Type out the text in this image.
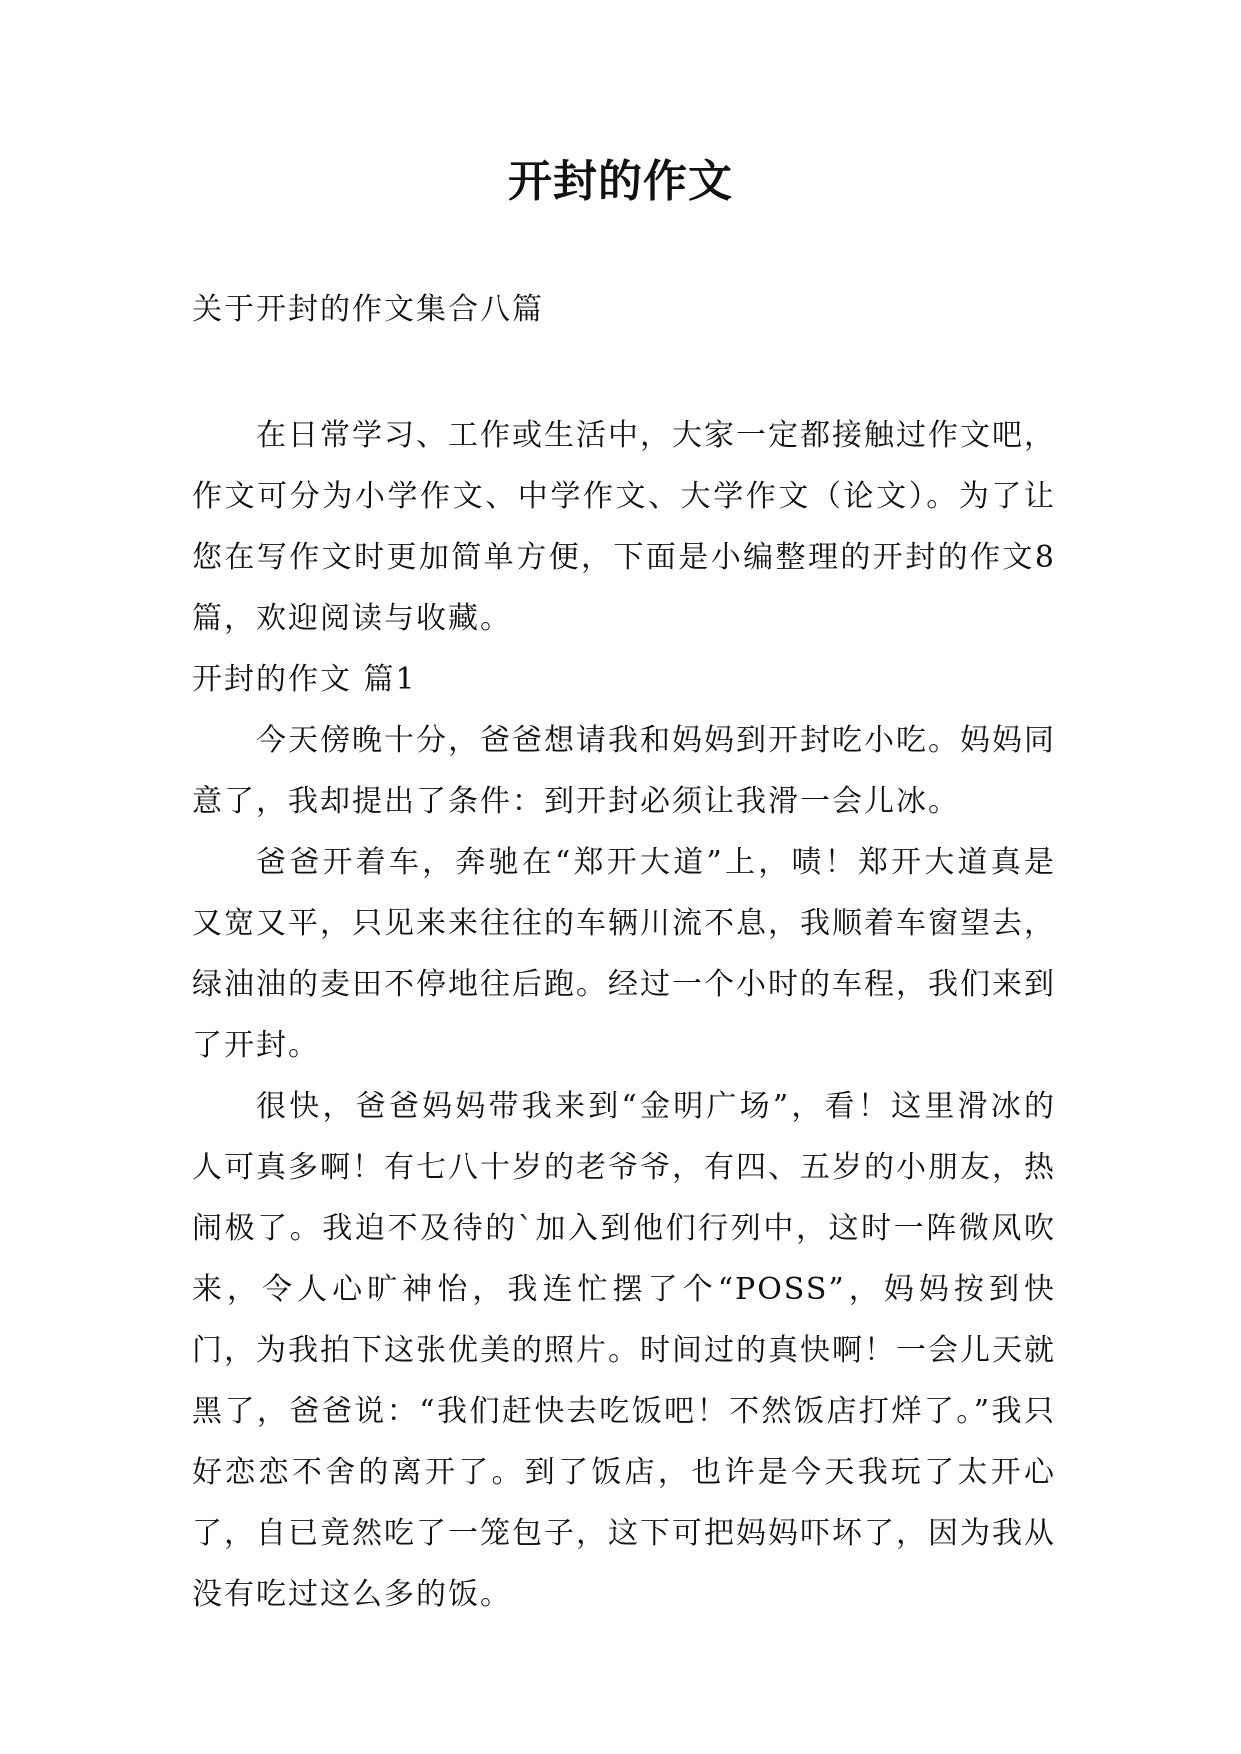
开封的作文
关于开封的作文集合八篇

在日常学习、工作或生活中，大家一定都接触过作文吧，作文可分为小学作文、中学作文、大学作文（论文）。为了让您在写作文时更加简单方便，下面是小编整理的开封的作文8篇，欢迎阅读与收藏。

开封的作文 篇1

今天傍晚十分，爸爸想请我和妈妈到开封吃小吃。妈妈同意了，我却提出了条件：到开封必须让我滑一会儿冰。

爸爸开着车，奔驰在“郑开大道”上，啧！郑开大道真是又宽又平，只见来来往往的车辆川流不息，我顺着车窗望去，绿油油的麦田不停地往后跑。经过一个小时的车程，我们来到了开封。

很快，爸爸妈妈带我来到“金明广场”，看！这里滑冰的人可真多啊！有七八十岁的老爷爷，有四、五岁的小朋友，热闹极了。我迫不及待的`加入到他们行列中，这时一阵微风吹来，令人心旷神怡，我连忙摆了个“POSS”，妈妈按到快门，为我拍下这张优美的照片。时间过的真快啊！一会儿天就黑了，爸爸说：“我们赶快去吃饭吧！不然饭店打烊了。”我只好恋恋不舍的离开了。到了饭店，也许是今天我玩了太开心了，自已竟然吃了一笼包子，这下可把妈妈吓坏了，因为我从没有吃过这么多的饭。
